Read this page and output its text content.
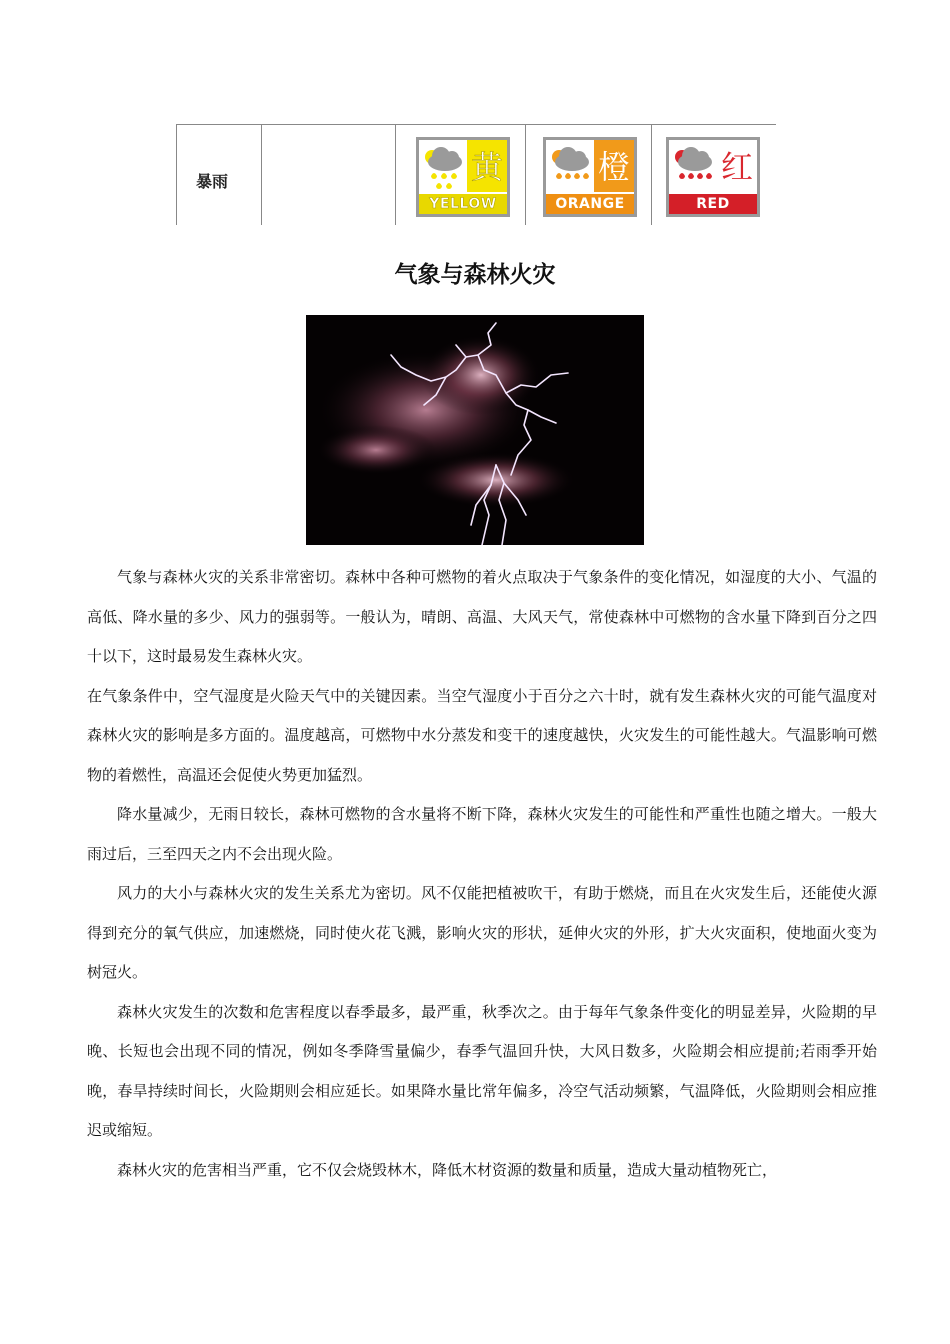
暴雨	黄
YELLOW
橙
ORANGE
红
RED
气象与森林火灾

气象与森林火灾的关系非常密切。森林中各种可燃物的着火点取决于气象条件的变化情况，如湿度的大小、气温的高低、降水量的多少、风力的强弱等。一般认为，晴朗、高温、大风天气，常使森林中可燃物的含水量下降到百分之四十以下，这时最易发生森林火灾。

在气象条件中，空气湿度是火险天气中的关键因素。当空气湿度小于百分之六十时，就有发生森林火灾的可能气温度对森林火灾的影响是多方面的。温度越高，可燃物中水分蒸发和变干的速度越快，火灾发生的可能性越大。气温影响可燃物的着燃性，高温还会促使火势更加猛烈。

降水量减少，无雨日较长，森林可燃物的含水量将不断下降，森林火灾发生的可能性和严重性也随之增大。一般大雨过后，三至四天之内不会出现火险。

风力的大小与森林火灾的发生关系尤为密切。风不仅能把植被吹干，有助于燃烧，而且在火灾发生后，还能使火源得到充分的氧气供应，加速燃烧，同时使火花飞溅，影响火灾的形状，延伸火灾的外形，扩大火灾面积，使地面火变为树冠火。

森林火灾发生的次数和危害程度以春季最多，最严重，秋季次之。由于每年气象条件变化的明显差异，火险期的早晚、长短也会出现不同的情况，例如冬季降雪量偏少，春季气温回升快，大风日数多，火险期会相应提前;若雨季开始晚，春旱持续时间长，火险期则会相应延长。如果降水量比常年偏多，冷空气活动频繁，气温降低，火险期则会相应推迟或缩短。

森林火灾的危害相当严重，它不仅会烧毁林木，降低木材资源的数量和质量，造成大量动植物死亡，
